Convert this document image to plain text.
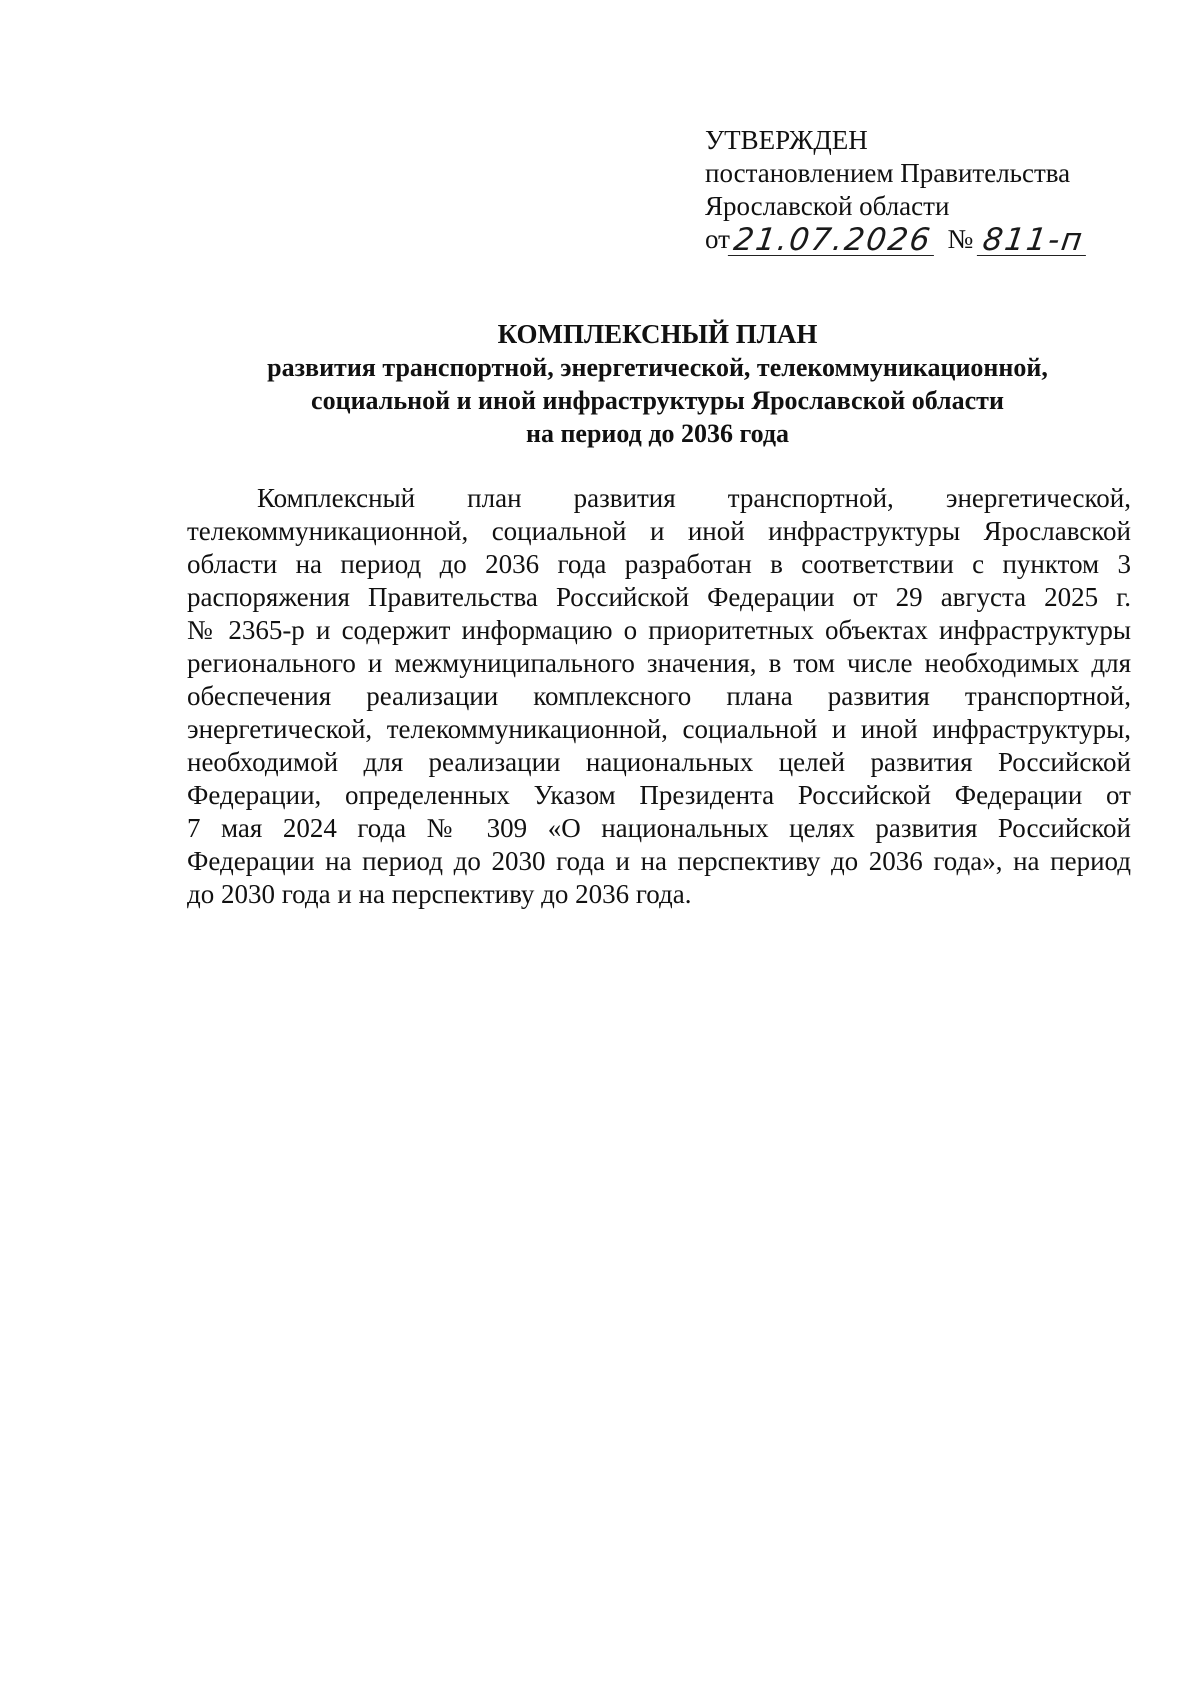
УТВЕРЖДЕН
постановлением Правительства
Ярославской области
от 21.07.2026 № 811-п
КОМПЛЕКСНЫЙ ПЛАН
развития транспортной, энергетической, телекоммуникационной,
социальной и иной инфраструктуры Ярославской области
на период до 2036 года
Комплексный план развития транспортной, энергетической,
телекоммуникационной, социальной и иной инфраструктуры Ярославской
области на период до 2036 года разработан в соответствии с пунктом 3
распоряжения Правительства Российской Федерации от 29 августа 2025 г.
№ 2365-р и содержит информацию о приоритетных объектах инфраструктуры
регионального и межмуниципального значения, в том числе необходимых для
обеспечения реализации комплексного плана развития транспортной,
энергетической, телекоммуникационной, социальной и иной инфраструктуры,
необходимой для реализации национальных целей развития Российской
Федерации, определенных Указом Президента Российской Федерации от
7 мая 2024 года № 309 «О национальных целях развития Российской
Федерации на период до 2030 года и на перспективу до 2036 года», на период
до 2030 года и на перспективу до 2036 года.
